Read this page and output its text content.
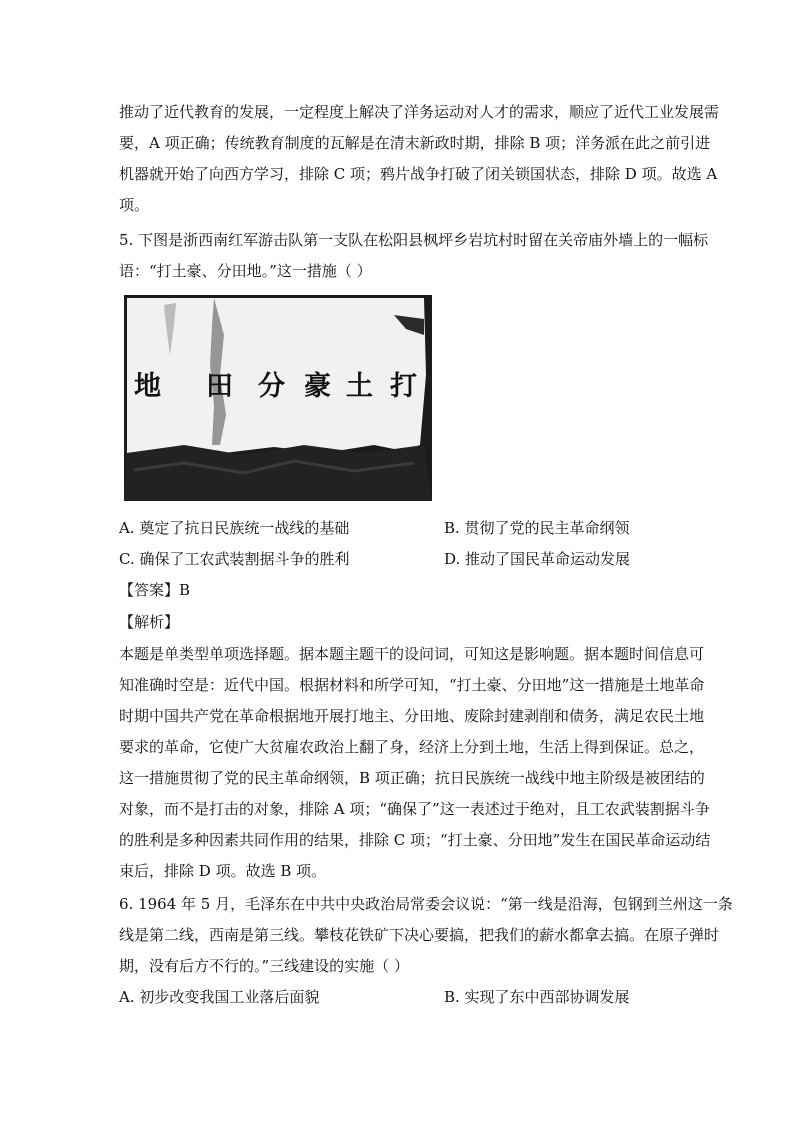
推动了近代教育的发展，一定程度上解决了洋务运动对人才的需求，顺应了近代工业发展需
要，A 项正确；传统教育制度的瓦解是在清末新政时期，排除 B 项；洋务派在此之前引进
机器就开始了向西方学习，排除 C 项；鸦片战争打破了闭关锁国状态，排除 D 项。故选 A
项。
5. 下图是浙西南红军游击队第一支队在松阳县枫坪乡岩坑村时留在关帝庙外墙上的一幅标
语：“打土豪、分田地。”这一措施（ ）
地 田 分 豪 土 打
A. 奠定了抗日民族统一战线的基础	B. 贯彻了党的民主革命纲领
C. 确保了工农武装割据斗争的胜利	D. 推动了国民革命运动发展
【答案】B
【解析】
本题是单类型单项选择题。据本题主题干的设问词，可知这是影响题。据本题时间信息可
知准确时空是：近代中国。根据材料和所学可知，“打土豪、分田地”这一措施是土地革命
时期中国共产党在革命根据地开展打地主、分田地、废除封建剥削和债务，满足农民土地
要求的革命，它使广大贫雇农政治上翻了身，经济上分到土地，生活上得到保证。总之，
这一措施贯彻了党的民主革命纲领，B 项正确；抗日民族统一战线中地主阶级是被团结的
对象，而不是打击的对象，排除 A 项；“确保了”这一表述过于绝对，且工农武装割据斗争
的胜利是多种因素共同作用的结果，排除 C 项；“打土豪、分田地”发生在国民革命运动结
束后，排除 D 项。故选 B 项。
6. 1964 年 5 月，毛泽东在中共中央政治局常委会议说：“第一线是沿海，包钢到兰州这一条
线是第二线，西南是第三线。攀枝花铁矿下决心要搞，把我们的薪水都拿去搞。在原子弹时
期，没有后方不行的。”三线建设的实施（ ）
A. 初步改变我国工业落后面貌	B. 实现了东中西部协调发展
